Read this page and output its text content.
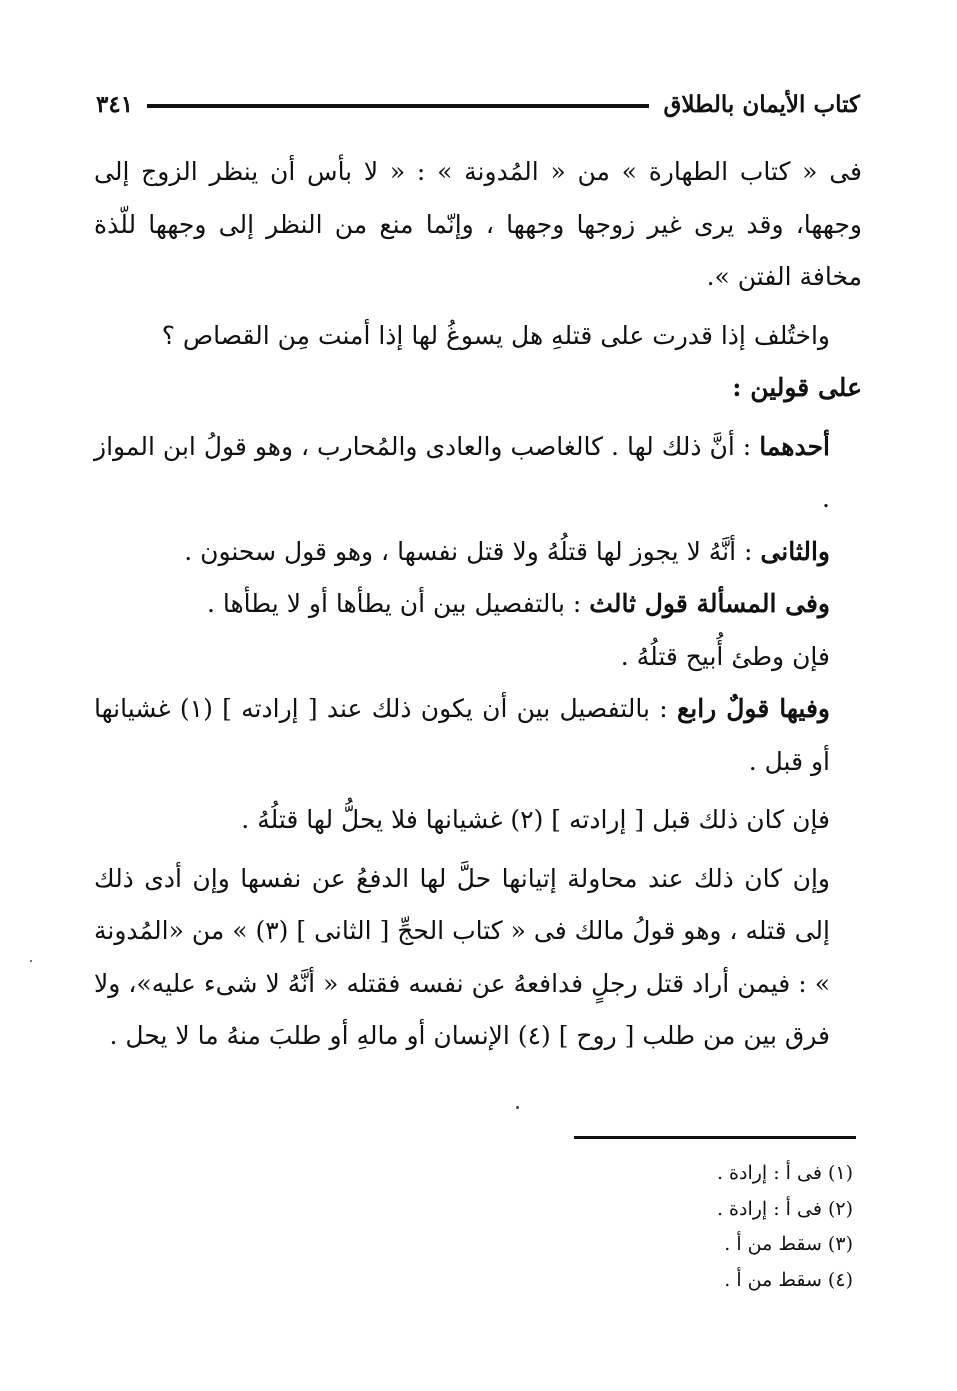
كتاب الأيمان بالطلاق
٣٤١

فى « كتاب الطهارة » من « المُدونة » : « لا بأس أن ينظر الزوج إلى وجهها، وقد يرى غير زوجها وجهها ، وإنّما منع من النظر إلى وجهها للّذة مخافة الفتن ».

واختُلف إذا قدرت على قتلهِ هل يسوغُ لها إذا أمنت مِن القصاص ؟

على قولين :

أحدهما : أنَّ ذلك لها . كالغاصب والعادى والمُحارب ، وهو قولُ ابن المواز .

والثانى : أنَّهُ لا يجوز لها قتلُهُ ولا قتل نفسها ، وهو قول سحنون .

وفى المسألة قول ثالث : بالتفصيل بين أن يطأها أو لا يطأها .

فإن وطئ أُبيح قتلُهُ .

وفيها قولٌ رابع : بالتفصيل بين أن يكون ذلك عند [ إرادته ] (١) غشيانها أو قبل .

فإن كان ذلك قبل [ إرادته ] (٢) غشيانها فلا يحلُّ لها قتلُهُ .

وإن كان ذلك عند محاولة إتيانها حلَّ لها الدفعُ عن نفسها وإن أدى ذلك إلى قتله ، وهو قولُ مالك فى « كتاب الحجِّ [ الثانى ] (٣) » من «المُدونة » : فيمن أراد قتل رجلٍ فدافعهُ عن نفسه فقتله « أنَّهُ لا شىء عليه»، ولا فرق بين من طلب [ روح ] (٤) الإنسان أو مالهِ أو طلبَ منهُ ما لا يحل .

(١) فى أ : إرادة .
(٢) فى أ : إرادة .
(٣) سقط من أ .
(٤) سقط من أ .
